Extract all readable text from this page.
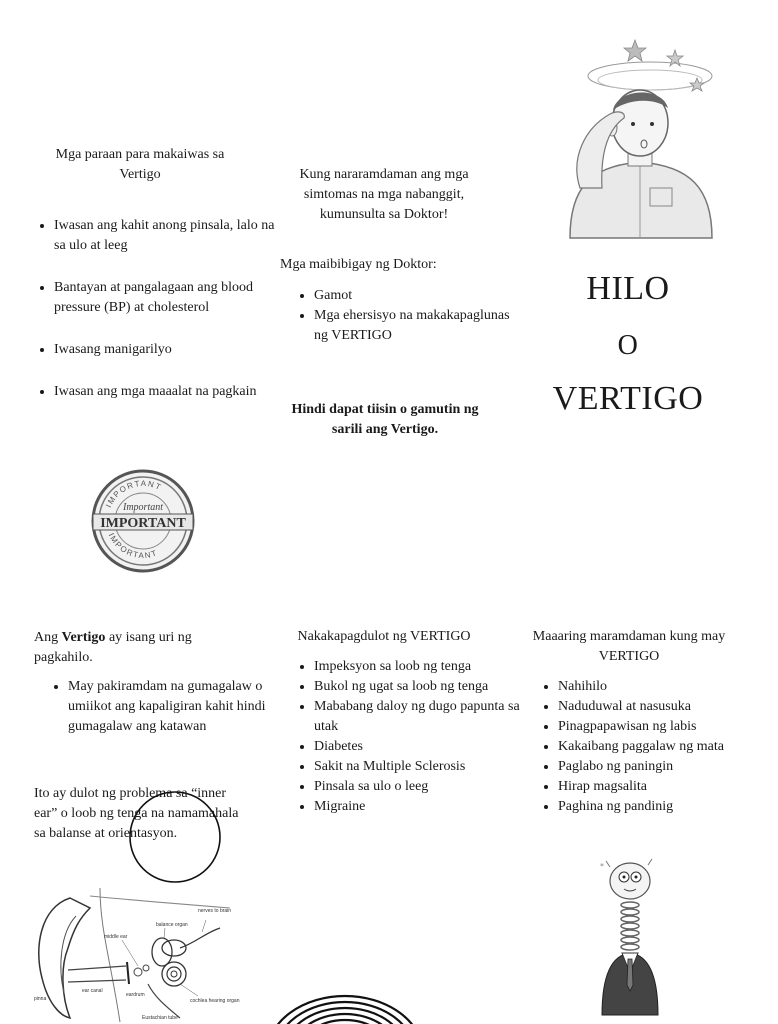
Mga paraan para makaiwas sa Vertigo
• Iwasan ang kahit anong pinsala, lalo na sa ulo at leeg
• Bantayan at pangalagaan ang blood pressure (BP) at cholesterol
• Iwasang manigarilyo
• Iwasan ang mga maaalat na pagkain
IMPORTANT
IMPORTANT
Important
IMPORTANT
Kung nararamdaman ang mga simtomas na mga nabanggit, kumunsulta sa Doktor!
Mga maibibigay ng Doktor:
• Gamot
• Mga ehersisyo na makakapaglunas ng VERTIGO
Hindi dapat tiisin o gamutin ng sarili ang Vertigo.
HILO
O
VERTIGO
Ang Vertigo ay isang uri ng pagkahilo.
• May pakiramdam na gumagalaw o umiikot ang kapaligiran kahit hindi gumagalaw ang katawan
Ito ay dulot ng problema sa “inner ear” o loob ng tenga na namamahala sa balanse at orientasyon.
middle ear
balance organ
nerves to brain
ear canal
eardrum
cochlea hearing organ
pinna
Eustachian tube
Nakakapagdulot ng VERTIGO
• Impeksyon sa loob ng tenga
• Bukol ng ugat sa loob ng tenga
• Mababang daloy ng dugo papunta sa utak
• Diabetes
• Sakit na Multiple Sclerosis
• Pinsala sa ulo o leeg
• Migraine
Maaaring maramdaman kung may VERTIGO
• Nahihilo
• Naduduwal at nasusuka
• Pinagpapawisan ng labis
• Kakaibang paggalaw ng mata
• Paglabo ng paningin
• Hirap magsalita
• Paghina ng pandinig
*
